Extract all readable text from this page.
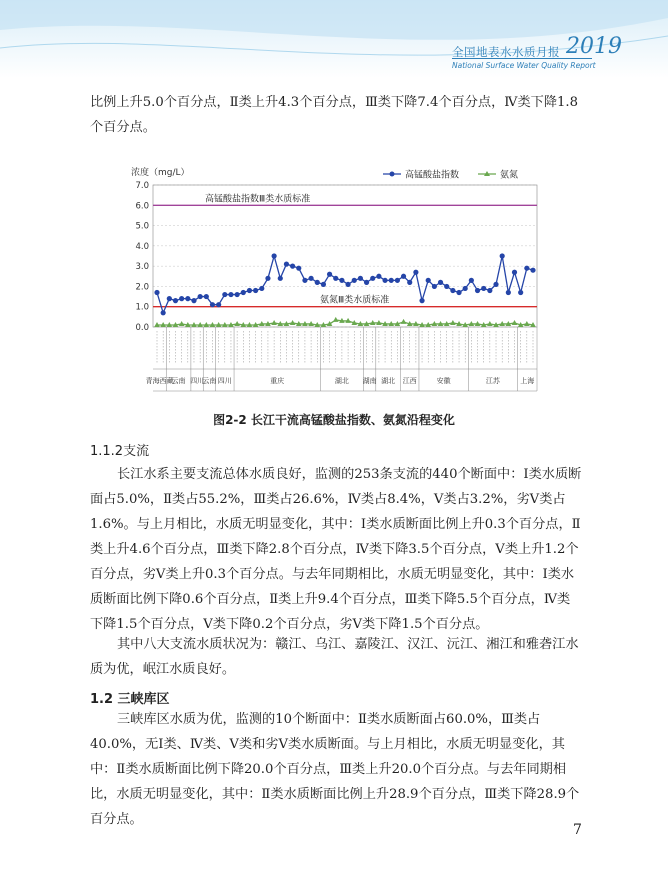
全国地表水水质月报 2019
National Surface Water Quality Report

比例上升5.0个百分点，Ⅱ类上升4.3个百分点，Ⅲ类下降7.4个百分点，Ⅳ类下降1.8个百分点。

浓度（mg/L）
0.0
1.0
2.0
3.0
4.0
5.0
6.0
7.0
高锰酸盐指数Ⅲ类水质标准
氨氮Ⅲ类水质标准
高锰酸盐指数	氨氮
青海西藏
云南 四川
云南 四川	重庆	湖北 湖南 湖北 江西	安徽	江苏	上海
图2-2 长江干流高锰酸盐指数、氨氮沿程变化
1.1.2支流

长江水系主要支流总体水质良好，监测的253条支流的440个断面中：Ⅰ类水质断面占5.0%，Ⅱ类占55.2%，Ⅲ类占26.6%，Ⅳ类占8.4%，Ⅴ类占3.2%，劣Ⅴ类占1.6%。与上月相比，水质无明显变化，其中：Ⅰ类水质断面比例上升0.3个百分点，Ⅱ类上升4.6个百分点，Ⅲ类下降2.8个百分点，Ⅳ类下降3.5个百分点，Ⅴ类上升1.2个百分点，劣Ⅴ类上升0.3个百分点。与去年同期相比，水质无明显变化，其中：Ⅰ类水质断面比例下降0.6个百分点，Ⅱ类上升9.4个百分点，Ⅲ类下降5.5个百分点，Ⅳ类下降1.5个百分点，Ⅴ类下降0.2个百分点，劣Ⅴ类下降1.5个百分点。

其中八大支流水质状况为：赣江、乌江、嘉陵江、汉江、沅江、湘江和雅砻江水质为优，岷江水质良好。

1.2 三峡库区

三峡库区水质为优，监测的10个断面中：Ⅱ类水质断面占60.0%，Ⅲ类占40.0%，无Ⅰ类、Ⅳ类、Ⅴ类和劣Ⅴ类水质断面。与上月相比，水质无明显变化，其中：Ⅱ类水质断面比例下降20.0个百分点，Ⅲ类上升20.0个百分点。与去年同期相比，水质无明显变化，其中：Ⅱ类水质断面比例上升28.9个百分点，Ⅲ类下降28.9个百分点。

7
